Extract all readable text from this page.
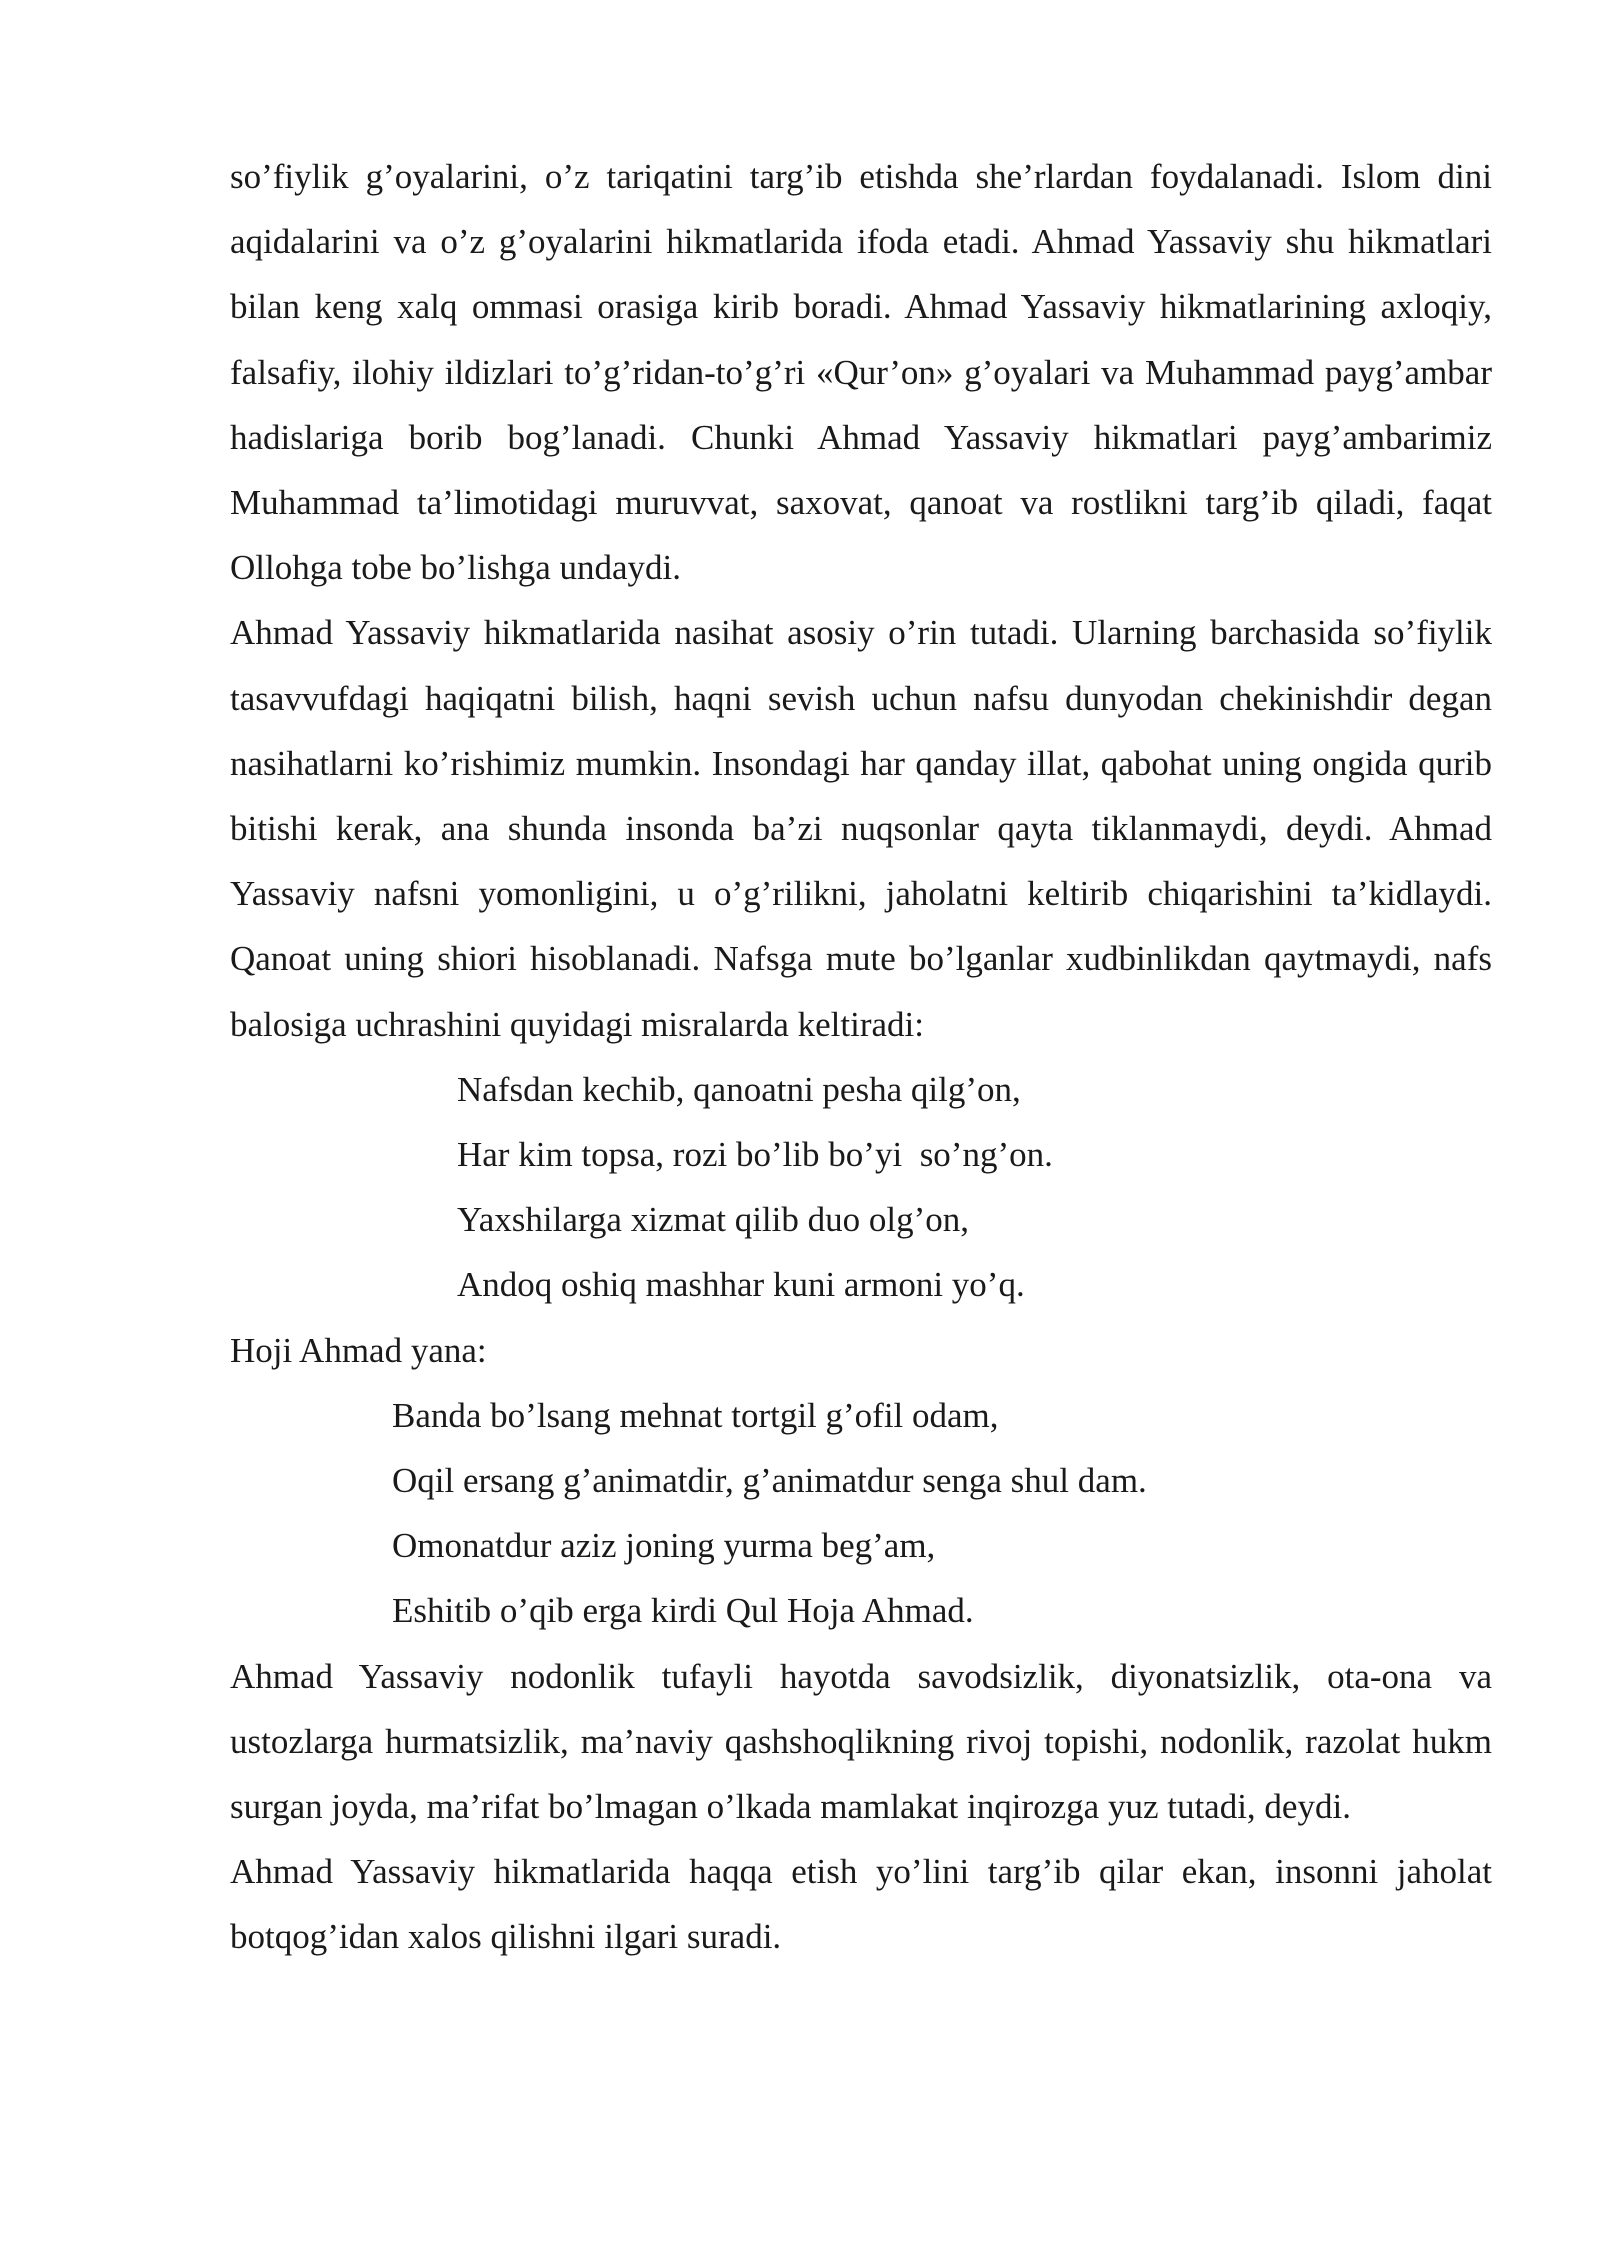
so’fiylik g’oyalarini, o’z tariqatini targ’ib etishda she’rlardan foydalanadi. Islom dini aqidalarini va o’z g’oyalarini hikmatlarida ifoda etadi. Ahmad Yassaviy shu hikmatlari bilan keng xalq ommasi orasiga kirib boradi. Ahmad Yassaviy hikmatlarining axloqiy, falsafiy, ilohiy ildizlari to’g’ridan-to’g’ri «Qur’on» g’oyalari va Muhammad payg’ambar hadislariga borib bog’lanadi. Chunki Ahmad Yassaviy hikmatlari payg’ambarimiz Muhammad ta’limotidagi muruvvat, saxovat, qanoat va rostlikni targ’ib qiladi, faqat Ollohga tobe bo’lishga undaydi.

Ahmad Yassaviy hikmatlarida nasihat asosiy o’rin tutadi. Ularning barchasida so’fiylik tasavvufdagi haqiqatni bilish, haqni sevish uchun nafsu dunyodan chekinishdir degan nasihatlarni ko’rishimiz mumkin. Insondagi har qanday illat, qabohat uning ongida qurib bitishi kerak, ana shunda insonda ba’zi nuqsonlar qayta tiklanmaydi, deydi. Ahmad Yassaviy nafsni yomonligini, u o’g’rilikni, jaholatni keltirib chiqarishini ta’kidlaydi. Qanoat uning shiori hisoblanadi. Nafsga mute bo’lganlar xudbinlikdan qaytmaydi, nafs balosiga uchrashini quyidagi misralarda keltiradi:

Nafsdan kechib, qanoatni pesha qilg’on,
Har kim topsa, rozi bo’lib bo’yi  so’ng’on.
Yaxshilarga xizmat qilib duo olg’on,
Andoq oshiq mashhar kuni armoni yo’q.

Hoji Ahmad yana:

Banda bo’lsang mehnat tortgil g’ofil odam,
Oqil ersang g’animatdir, g’animatdur senga shul dam.
Omonatdur aziz joning yurma beg’am,
Eshitib o’qib erga kirdi Qul Hoja Ahmad.

Ahmad Yassaviy nodonlik tufayli hayotda savodsizlik, diyonatsizlik, ota-ona va ustozlarga hurmatsizlik, ma’naviy qashshoqlikning rivoj topishi, nodonlik, razolat hukm surgan joyda, ma’rifat bo’lmagan o’lkada mamlakat inqirozga yuz tutadi, deydi.

Ahmad Yassaviy hikmatlarida haqqa etish yo’lini targ’ib qilar ekan, insonni jaholat botqog’idan xalos qilishni ilgari suradi.
